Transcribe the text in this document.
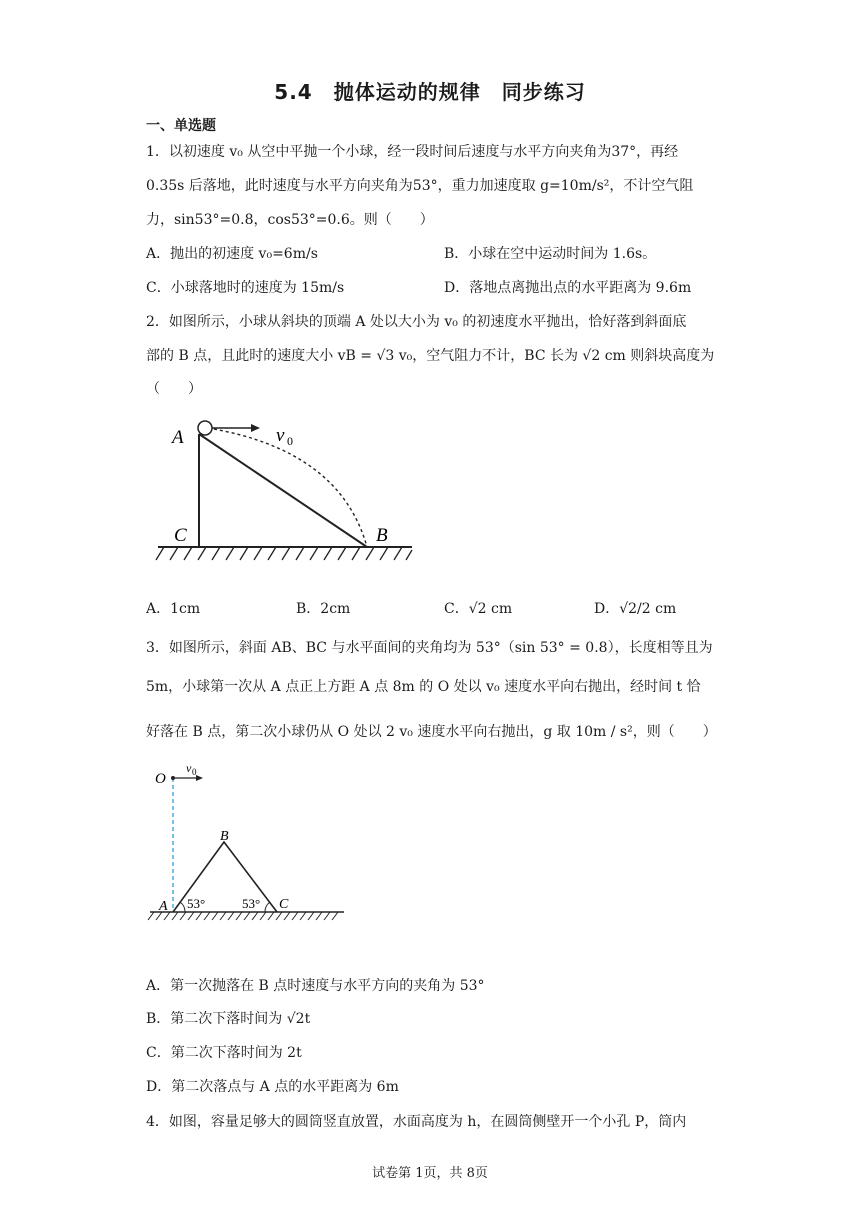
5.4　抛体运动的规律　同步练习
一、单选题
1．以初速度 v₀ 从空中平抛一个小球，经一段时间后速度与水平方向夹角为37°，再经
0.35s 后落地，此时速度与水平方向夹角为53°，重力加速度取 g=10m/s²，不计空气阻
力，sin53°=0.8，cos53°=0.6。则（　　）
A．抛出的初速度 v₀=6m/s	B．小球在空中运动时间为 1.6s。
C．小球落地时的速度为 15m/s	D．落地点离抛出点的水平距离为 9.6m
2．如图所示，小球从斜块的顶端 A 处以大小为 v₀ 的初速度水平抛出，恰好落到斜面底
部的 B 点，且此时的速度大小 vB = √3 v₀，空气阻力不计，BC 长为 √2 cm 则斜块高度为
（　　）
A
C	B
v 0
A．1cm	B．2cm	C．√2 cm	D．√2/2 cm
3．如图所示，斜面 AB、BC 与水平面间的夹角均为 53°（sin 53° = 0.8），长度相等且为
5m，小球第一次从 A 点正上方距 A 点 8m 的 O 处以 v₀ 速度水平向右抛出，经时间 t 恰
好落在 B 点，第二次小球仍从 O 处以 2 v₀ 速度水平向右抛出，g 取 10m / s²，则（　　）
O
v 0
B
A	C
53°	53°
A．第一次抛落在 B 点时速度与水平方向的夹角为 53°
B．第二次下落时间为 √2t
C．第二次下落时间为 2t
D．第二次落点与 A 点的水平距离为 6m
4．如图，容量足够大的圆筒竖直放置，水面高度为 h，在圆筒侧壁开一个小孔 P，筒内
试卷第 1页，共 8页
